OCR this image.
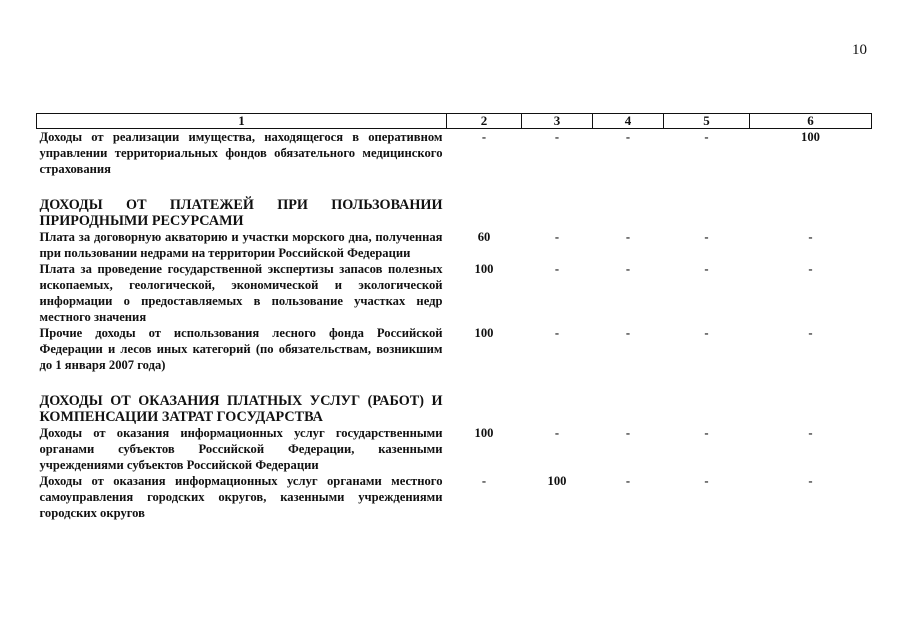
10
1	2	3	4	5	6
Доходы от реализации имущества, находящегося в оперативном управлении территориальных фондов обязательного медицинского страхования	-	-	-	-	100
ДОХОДЫ ОТ ПЛАТЕЖЕЙ ПРИ ПОЛЬЗОВАНИИ ПРИРОДНЫМИ РЕСУРСАМИ					
Плата за договорную акваторию и участки морского дна, полученная при пользовании недрами на территории Российской Федерации	60	-	-	-	-
Плата за проведение государственной экспертизы запасов полезных ископаемых, геологической, экономической и экологической информации о предоставляемых в пользование участках недр местного значения	100	-	-	-	-
Прочие доходы от использования лесного фонда Российской Федерации и лесов иных категорий (по обязательствам, возникшим до 1 января 2007 года)	100	-	-	-	-
ДОХОДЫ ОТ ОКАЗАНИЯ ПЛАТНЫХ УСЛУГ (РАБОТ) И КОМПЕНСАЦИИ ЗАТРАТ ГОСУДАРСТВА					
Доходы от оказания информационных услуг государственными органами субъектов Российской Федерации, казенными учреждениями субъектов Российской Федерации	100	-	-	-	-
Доходы от оказания информационных услуг органами местного самоуправления городских округов, казенными учреждениями городских округов	-	100	-	-	-
